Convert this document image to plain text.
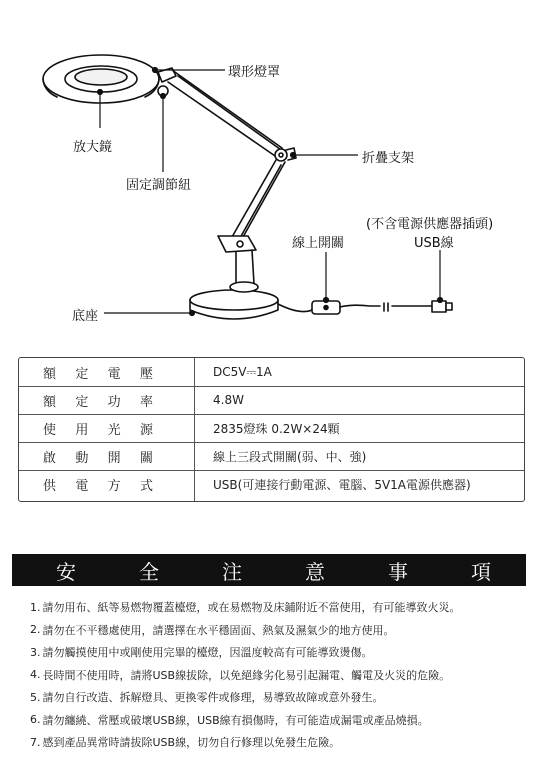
環形燈罩
放大鏡
固定調節紐
折疊支架
線上開關
(不含電源供應器插頭)
USB線
底座
額 定 電 壓	DC5V⎓1A
額 定 功 率	4.8W
使 用 光 源	2835燈珠 0.2W×24顆
啟 動 開 關	線上三段式開關(弱、中、強)
供 電 方 式	USB(可連接行動電源、電腦、5V1A電源供應器)
安	全	注	意	事	項
1. 請勿用布、紙等易燃物覆蓋檯燈，或在易燃物及床鋪附近不當使用，有可能導致火災。
2. 請勿在不平穩處使用，請選擇在水平穩固面、熱氣及濕氣少的地方使用。
3. 請勿觸摸使用中或剛使用完畢的檯燈，因溫度較高有可能導致燙傷。
4. 長時間不使用時，請將USB線拔除，以免絕緣劣化易引起漏電、觸電及火災的危險。
5. 請勿自行改造、拆解燈具、更換零件或修理，易導致故障或意外發生。
6. 請勿纏繞、常壓或破壞USB線，USB線有損傷時，有可能造成漏電或產品燒損。
7. 感到產品異常時請拔除USB線，切勿自行修理以免發生危險。
